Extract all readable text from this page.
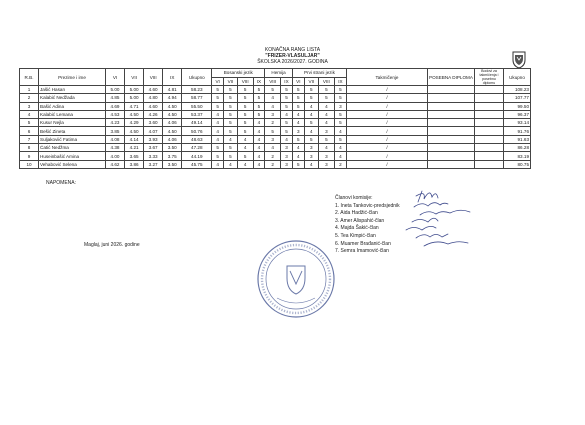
KONAČNA RANG LISTA
"FRIZER-VLASULJAR"
ŠKOLSKA 2026/2027. GODINA
R.B.	Prezime i ime	VI	VII	VIII	IX	Ukupno	Bosanski jezik				Hemija		Prvi strani jezik				Takmičenje	POSEBNA DIPLOMA	Bodovi za takmičenja i posebnu diplomu	Ukupno
							VI	VII	VIII	IX	VIII	IX	VI	VII	VIII	IX				
1	Jašić Hasan	5.00	5.00	4.60	4.81	58.23	5	5	5	5	5	5	5	5	5	5	/			108.23
2	Kalabić Nedžada	4.85	5.00	4.80	4.94	58.77	5	5	5	5	4	5	5	5	5	5	/			107.77
3	Bašić Adina	4.69	4.71	4.60	4.50	55.50	5	5	5	5	4	5	5	4	4	3	/			99.50
4	Kalabić Lemana	4.53	4.50	4.26	4.50	53.37	4	5	5	5	3	4	4	4	4	5	/			96.37
5	Kusur Nejla	4.23	4.29	3.60	4.06	49.14	4	5	5	4	2	5	4	5	4	5	/			93.14
6	Bešić Zineta	3.85	4.50	4.07	4.50	50.76	4	5	5	4	5	5	3	4	3	4	/			91.76
7	Suljakoviić Fatima	4.08	4.14	3.93	4.06	48.63	4	4	4	4	3	4	5	5	5	5	/			91.63
8	Ćatić Nedžma	4.38	4.21	3.67	3.50	47.28	5	5	4	4	4	3	4	3	4	4	/			86.28
9	Huseinbašić Amina	4.00	3.65	3.33	3.75	44.19	5	5	5	4	2	3	4	3	3	4	/			83.19
10	Vehabović Selena	4.62	3.86	3.27	3.50	45.75	4	4	4	4	2	3	5	4	3	2	/			80.75
NAPOMENA:
Maglaj, juni 2026. godine
Članovi komisije:
1. Ineta Tankovic-predsjednik
2. Aida Hadžić-član
3. Amer Alispahić-član
4. Majda Šakić-član
5. Tea Kimpić-član
6. Muamer Brađanić-član
7. Semra Imamović-član
